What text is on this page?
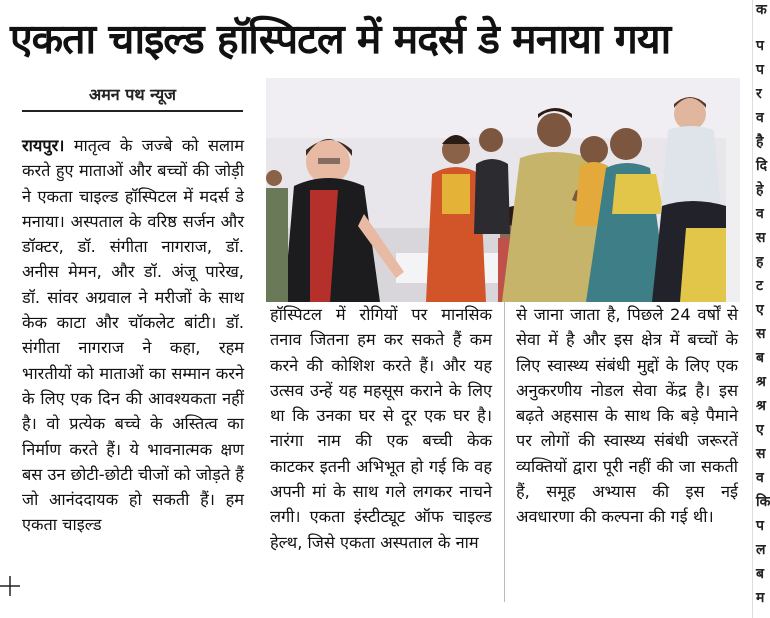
एकता चाइल्ड हॉस्पिटल में मदर्स डे मनाया गया
अमन पथ न्यूज
रायपुर। मातृत्व के जज्बे को सलाम करते हुए माताओं और बच्चों की जोड़ी ने एकता चाइल्ड हॉस्पिटल में मदर्स डे मनाया। अस्पताल के वरिष्ठ सर्जन और डॉक्टर, डॉ. संगीता नागराज, डॉ. अनीस मेमन, और डॉ. अंजू पारेख, डॉ. सांवर अग्रवाल ने मरीजों के साथ केक काटा और चॉकलेट बांटी। डॉ. संगीता नागराज ने कहा, रहम भारतीयों को माताओं का सम्मान करने के लिए एक दिन की आवश्यकता नहीं है। वो प्रत्येक बच्चे के अस्तित्व का निर्माण करते हैं। ये भावनात्मक क्षण बस उन छोटी-छोटी चीजों को जोड़ते हैं जो आनंददायक हो सकती हैं। हम एकता चाइल्ड
हॉस्पिटल में रोगियों पर मानसिक तनाव जितना हम कर सकते हैं कम करने की कोशिश करते हैं। और यह उत्सव उन्हें यह महसूस कराने के लिए था कि उनका घर से दूर एक घर है। नारंगा नाम की एक बच्ची केक काटकर इतनी अभिभूत हो गई कि वह अपनी मां के साथ गले लगकर नाचने लगी। एकता इंस्टीट्यूट ऑफ चाइल्ड हेल्थ, जिसे एकता अस्पताल के नाम
से जाना जाता है, पिछले 24 वर्षों से सेवा में है और इस क्षेत्र में बच्चों के लिए स्वास्थ्य संबंधी मुद्दों के लिए एक अनुकरणीय नोडल सेवा केंद्र है। इस बढ़ते अहसास के साथ कि बड़े पैमाने पर लोगों की स्वास्थ्य संबंधी जरूरतें व्यक्तियों द्वारा पूरी नहीं की जा सकती हैं, समूह अभ्यास की इस नई अवधारणा की कल्पना की गई थी।
क
प
प
र
व
है
दि
हे
व
स
ह
ट
ए
स
ब
श्र
श्र
ए
स
व
कि
प
ल
ब
म
